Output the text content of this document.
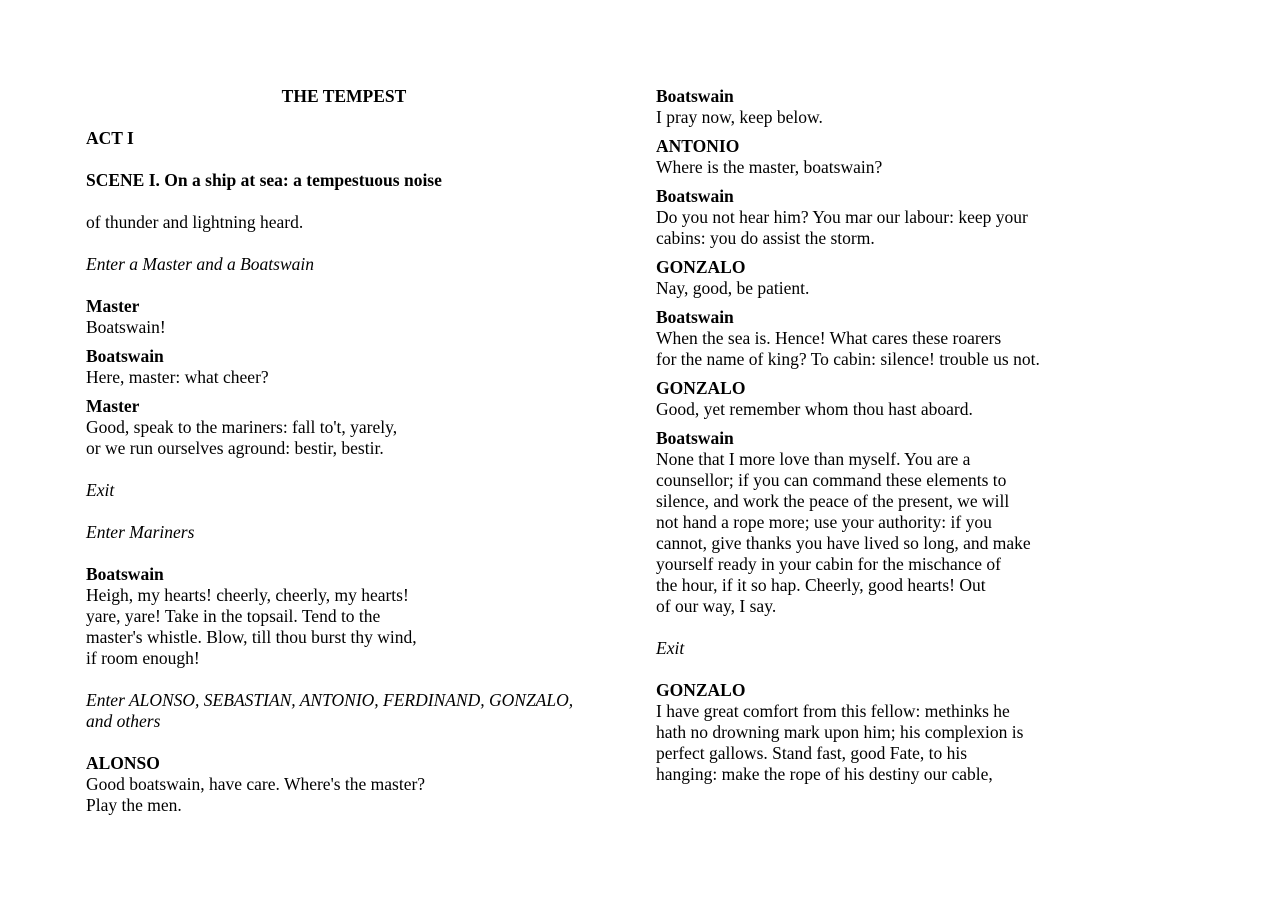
THE TEMPEST

ACT I

SCENE I. On a ship at sea: a tempestuous noise

of thunder and lightning heard.

Enter a Master and a Boatswain

Master

Boatswain!

Boatswain

Here, master: what cheer?

Master

Good, speak to the mariners: fall to't, yarely,

or we run ourselves aground: bestir, bestir.

Exit

Enter Mariners

Boatswain

Heigh, my hearts! cheerly, cheerly, my hearts!

yare, yare! Take in the topsail. Tend to the

master's whistle. Blow, till thou burst thy wind,

if room enough!

Enter ALONSO, SEBASTIAN, ANTONIO, FERDINAND, GONZALO,

and others

ALONSO

Good boatswain, have care. Where's the master?

Play the men.

Boatswain

I pray now, keep below.

ANTONIO

Where is the master, boatswain?

Boatswain

Do you not hear him? You mar our labour: keep your

cabins: you do assist the storm.

GONZALO

Nay, good, be patient.

Boatswain

When the sea is. Hence! What cares these roarers

for the name of king? To cabin: silence! trouble us not.

GONZALO

Good, yet remember whom thou hast aboard.

Boatswain

None that I more love than myself. You are a

counsellor; if you can command these elements to

silence, and work the peace of the present, we will

not hand a rope more; use your authority: if you

cannot, give thanks you have lived so long, and make

yourself ready in your cabin for the mischance of

the hour, if it so hap. Cheerly, good hearts! Out

of our way, I say.

Exit

GONZALO

I have great comfort from this fellow: methinks he

hath no drowning mark upon him; his complexion is

perfect gallows. Stand fast, good Fate, to his

hanging: make the rope of his destiny our cable,
